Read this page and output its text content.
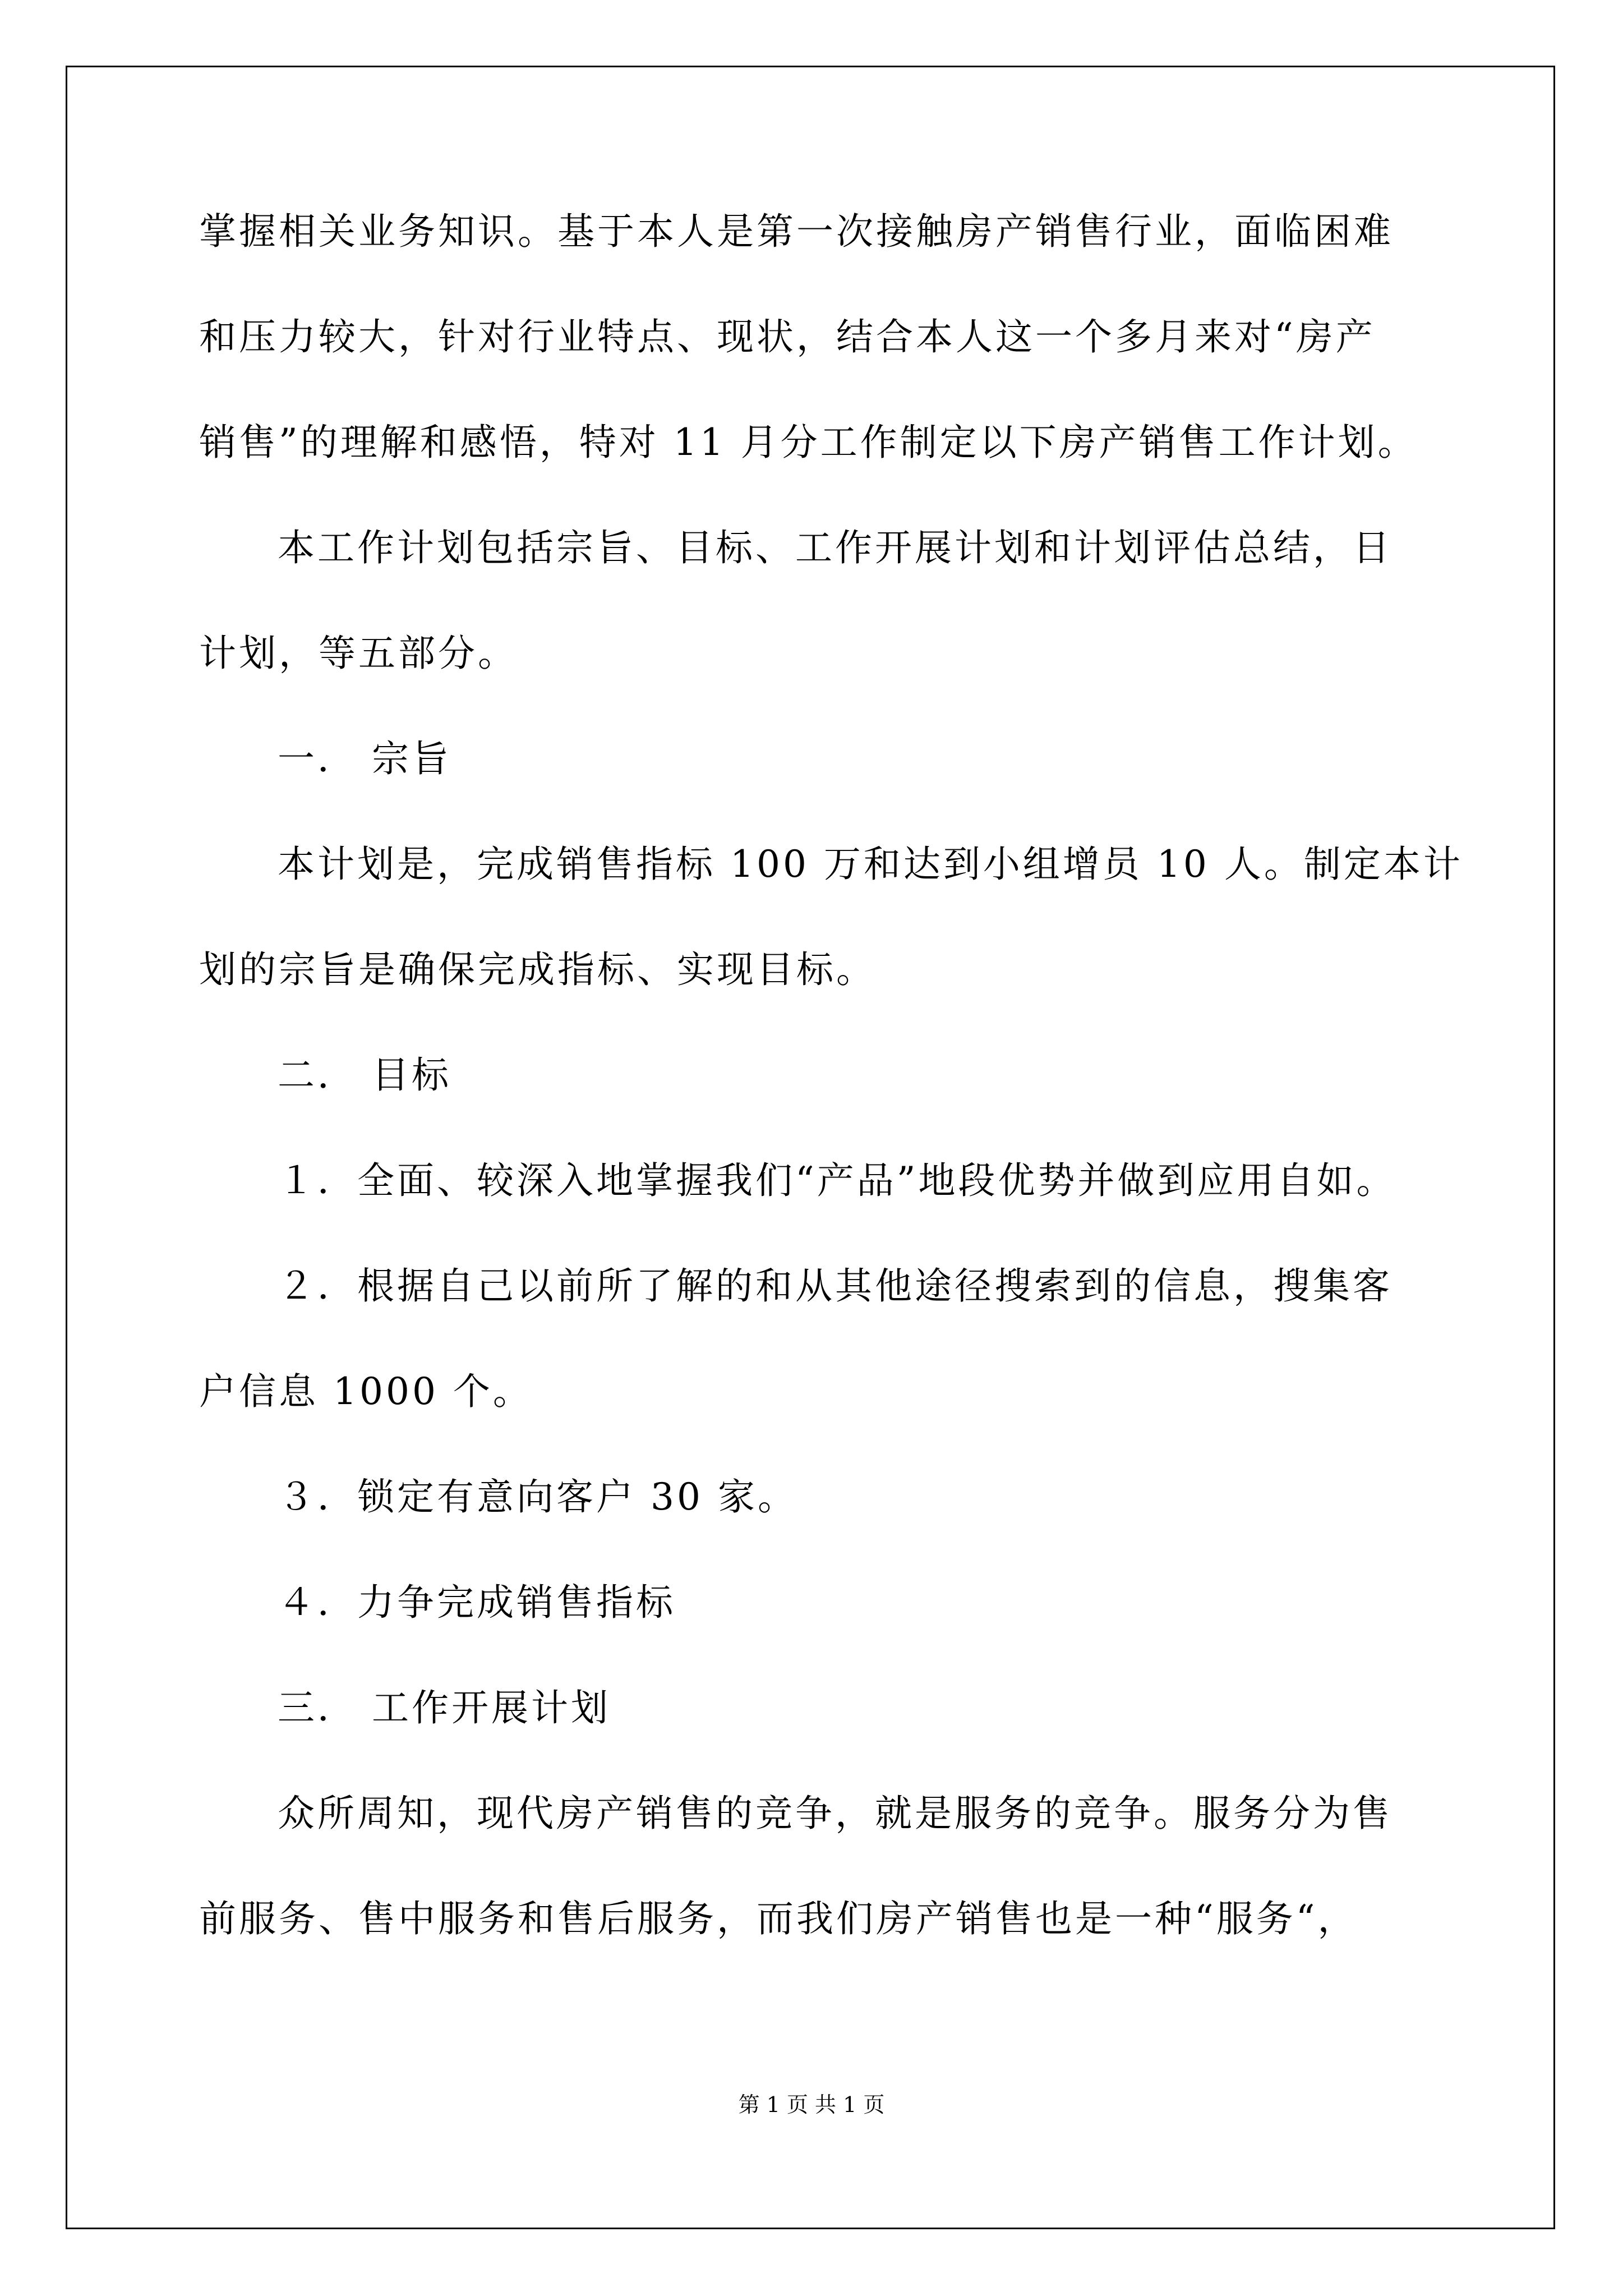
掌握相关业务知识。基于本人是第一次接触房产销售行业，面临困难
和压力较大，针对行业特点、现状，结合本人这一个多月来对“房产
销售”的理解和感悟，特对 11 月分工作制定以下房产销售工作计划。
本工作计划包括宗旨、目标、工作开展计划和计划评估总结，日
计划，等五部分。
一． 宗旨
本计划是，完成销售指标 100 万和达到小组增员 10 人。制定本计
划的宗旨是确保完成指标、实现目标。
二． 目标
１．全面、较深入地掌握我们“产品”地段优势并做到应用自如。
２．根据自己以前所了解的和从其他途径搜索到的信息，搜集客
户信息 1000 个。
３．锁定有意向客户 30 家。
４．力争完成销售指标
三． 工作开展计划
众所周知，现代房产销售的竞争，就是服务的竞争。服务分为售
前服务、售中服务和售后服务，而我们房产销售也是一种“服务“，
第 1 页 共 1 页
